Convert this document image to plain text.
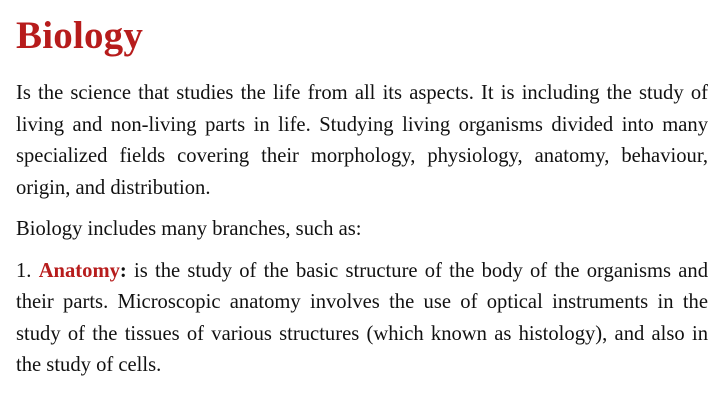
Biology

Is the science that studies the life from all its aspects. It is including the study of living and non-living parts in life. Studying living organisms divided into many specialized fields covering their morphology, physiology, anatomy, behaviour, origin, and distribution.

Biology includes many branches, such as:

1. Anatomy: is the study of the basic structure of the body of the organisms and their parts. Microscopic anatomy involves the use of optical instruments in the study of the tissues of various structures (which known as histology), and also in the study of cells.
